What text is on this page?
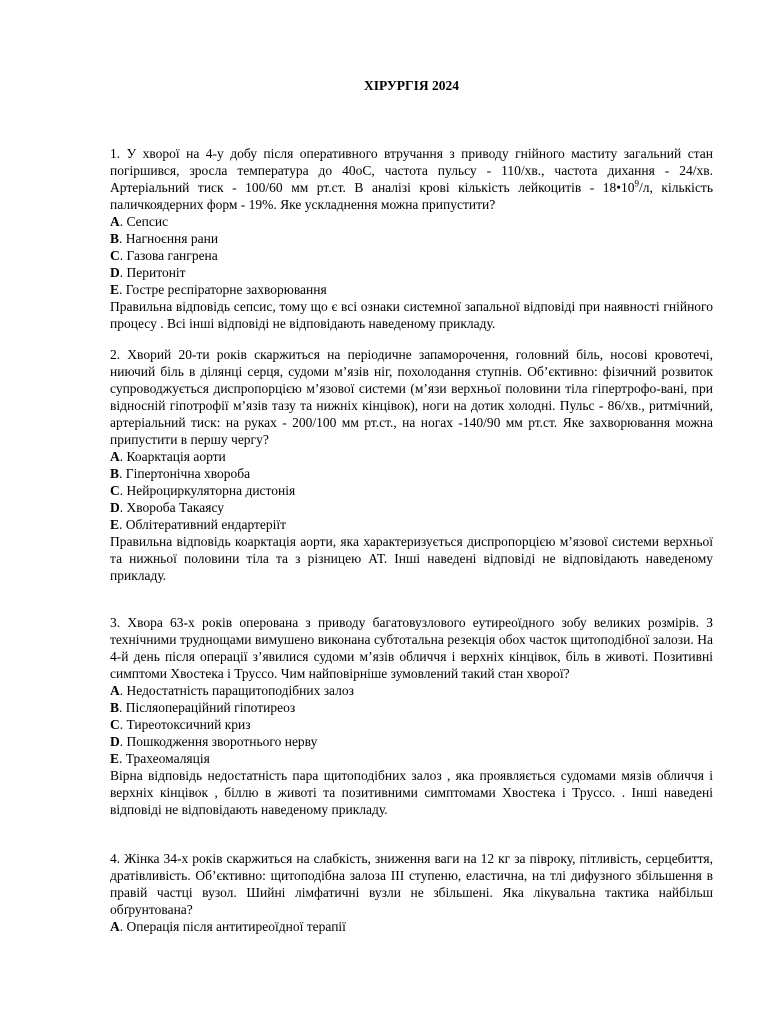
ХІРУРГІЯ 2024

1. У хворої на 4-у добу після оперативного втручання з приводу гнійного маститу загальний стан погіршився, зросла температура до 40оС, частота пульсу - 110/хв., частота дихання - 24/хв. Артеріальний тиск - 100/60 мм рт.ст. В аналізі крові кількість лейкоцитів - $18•10^9/л$, кількість паличкоядерних форм - 19%. Яке ускладнення можна припустити?

A. Сепсис

B. Нагноєння рани

C. Газова гангрена

D. Перитоніт

E. Гостре респіраторне захворювання

Правильна відповідь сепсис, тому що є всі ознаки системної запальної відповіді при наявності гнійного процесу . Всі інші відповіді не відповідають наведеному прикладу.

2. Хворий 20-ти років скаржиться на періодичне запаморочення, головний біль, носові кровотечі, ниючий біль в ділянці серця, судоми м’язів ніг, похолодання ступнів. Об’єктивно: фізичний розвиток супроводжується диспропорцією м’язової системи (м’язи верхньої половини тіла гіпертрофо-вані, при відносній гіпотрофії м’язів тазу та нижніх кінцівок), ноги на дотик холодні. Пульс - 86/хв., ритмічний, артеріальний тиск: на руках - 200/100 мм рт.ст., на ногах -140/90 мм рт.ст. Яке захворювання можна припустити в першу чергу?

A. Коарктація аорти

B. Гіпертонічна хвороба

C. Нейроциркуляторна дистонія

D. Хвороба Такаясу

E. Облітеративний ендартеріїт

Правильна відповідь коарктація аорти, яка характеризується диспропорцією м’язової системи верхньої та нижньої половини тіла та з різницею АТ. Інші наведені відповіді не відповідають наведеному прикладу.

3. Хвора 63-х років оперована з приводу багатовузлового еутиреоїдного зобу великих розмірів. З технічними труднощами вимушено виконана субтотальна резекція обох часток щитоподібної залози. На 4-й день після операції з’явилися судоми м’язів обличчя і верхніх кінцівок, біль в животі. Позитивні симптоми Хвостека і Труссо. Чим найповірніше зумовлений такий стан хворої?

A. Недостатність паращитоподібних залоз

B. Післяопераційний гіпотиреоз

C. Тиреотоксичний криз

D. Пошкодження зворотнього нерву

E. Трахеомаляція

Вірна відповідь недостатність пара щитоподібних залоз , яка проявляється судомами мязів обличчя і верхніх кінцівок , біллю в животі та позитивними симптомами Хвостека і Труссо. . Інші наведені відповіді не відповідають наведеному прикладу.

4. Жінка 34-х років скаржиться на слабкість, зниження ваги на 12 кг за півроку, пітливість, серцебиття, дратівливість. Об’єктивно: щитоподібна залоза ІІІ ступеню, еластична, на тлі дифузного збільшення в правій частці вузол. Шийні лімфатичні вузли не збільшені. Яка лікувальна тактика найбільш обґрунтована?

A. Операція після антитиреоїдної терапії
